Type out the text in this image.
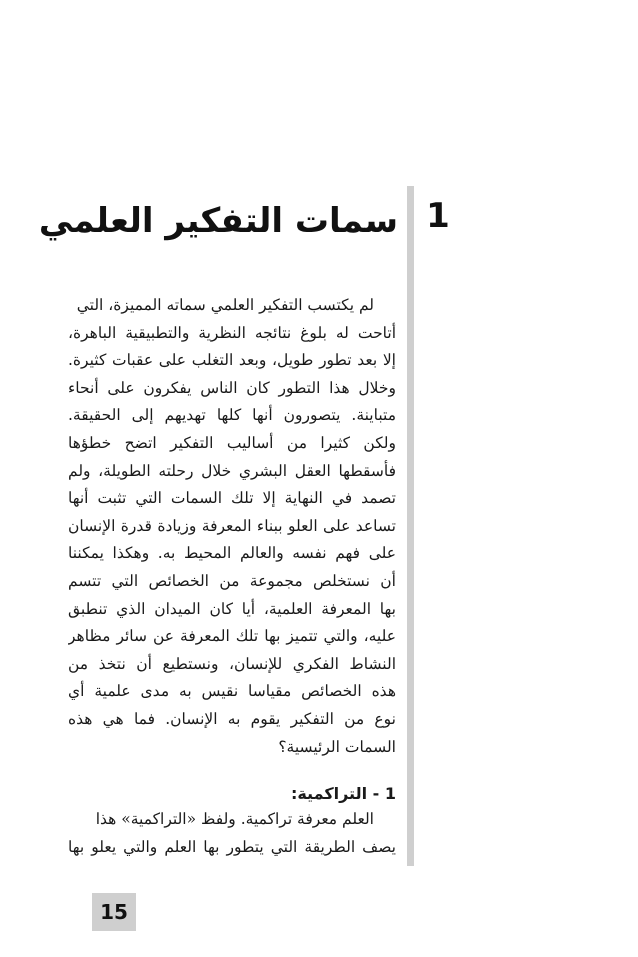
1
سمات التفكير العلمي
لم يكتسب التفكير العلمي سماته المميزة، التي
أتاحت له بلوغ نتائجه النظرية والتطبيقية الباهرة،
إلا بعد تطور طويل، وبعد التغلب على عقبات كثيرة.
وخلال هذا التطور كان الناس يفكرون على أنحاء
متباينة. يتصورون أنها كلها تهديهم إلى الحقيقة.
ولكن كثيرا من أساليب التفكير اتضح خطؤها
فأسقطها العقل البشري خلال رحلته الطويلة، ولم
تصمد في النهاية إلا تلك السمات التي تثبت أنها
تساعد على العلو ببناء المعرفة وزيادة قدرة الإنسان
على فهم نفسه والعالم المحيط به. وهكذا يمكننا
أن نستخلص مجموعة من الخصائص التي تتسم
بها المعرفة العلمية، أيا كان الميدان الذي تنطبق
عليه، والتي تتميز بها تلك المعرفة عن سائر مظاهر
النشاط الفكري للإنسان، ونستطيع أن نتخذ من
هذه الخصائص مقياسا نقيس به مدى علمية أي
نوع من التفكير يقوم به الإنسان. فما هي هذه
السمات الرئيسية؟
1 - التراكمية:
العلم معرفة تراكمية. ولفظ «التراكمية» هذا
يصف الطريقة التي يتطور بها العلم والتي يعلو بها
15
